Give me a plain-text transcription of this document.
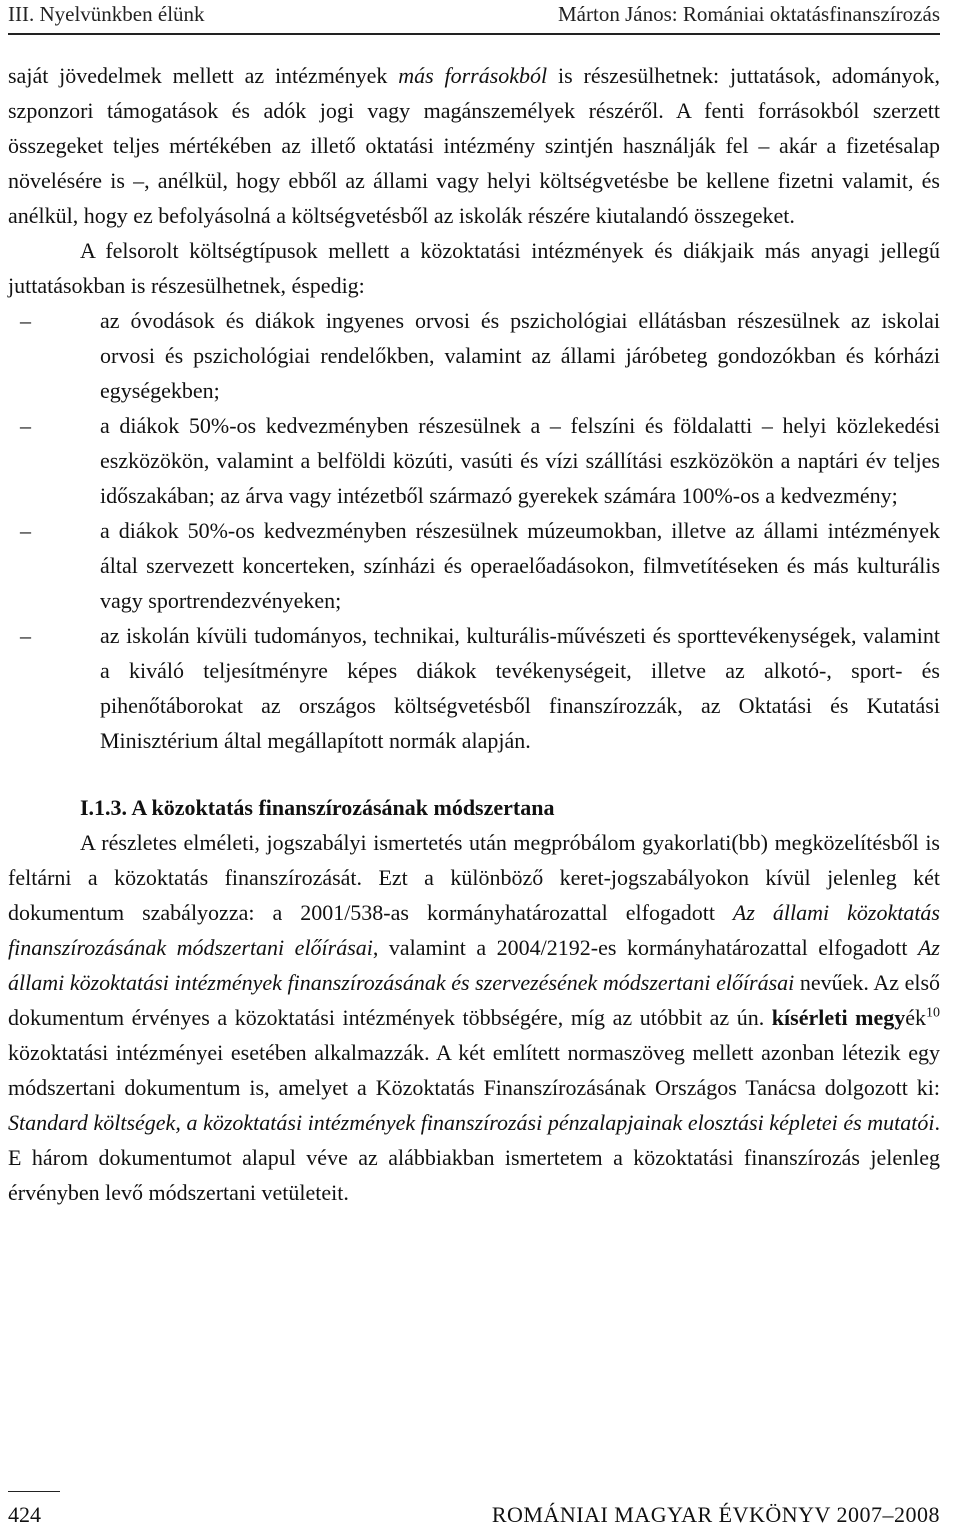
III. Nyelvünkben élünk	Márton János: Romániai oktatásfinanszírozás

saját jövedelmek mellett az intézmények más forrásokból is részesülhetnek: juttatások, adományok, szponzori támogatások és adók jogi vagy magánszemélyek részéről. A fenti forrásokból szerzett összegeket teljes mértékében az illető oktatási intézmény szintjén használják fel – akár a fizetésalap növelésére is –, anélkül, hogy ebből az állami vagy helyi költségvetésbe be kellene fizetni valamit, és anélkül, hogy ez befolyásolná a költségvetésből az iskolák részére kiutalandó összegeket.

A felsorolt költségtípusok mellett a közoktatási intézmények és diákjaik más anyagi jellegű juttatásokban is részesülhetnek, éspedig:

–	az óvodások és diákok ingyenes orvosi és pszichológiai ellátásban részesülnek az iskolai orvosi és pszichológiai rendelőkben, valamint az állami járóbeteg gondozókban és kórházi egységekben;
–	a diákok 50%-os kedvezményben részesülnek a – felszíni és földalatti – helyi közlekedési eszközökön, valamint a belföldi közúti, vasúti és vízi szállítási eszközökön a naptári év teljes időszakában; az árva vagy intézetből származó gyerekek számára 100%-os a kedvezmény;
–	a diákok 50%-os kedvezményben részesülnek múzeumokban, illetve az állami intézmények által szervezett koncerteken, színházi és operaelőadásokon, filmvetítéseken és más kulturális vagy sportrendezvényeken;
–	az iskolán kívüli tudományos, technikai, kulturális-művészeti és sporttevékenységek, valamint a kiváló teljesítményre képes diákok tevékenységeit, illetve az alkotó-, sport- és pihenőtáborokat az országos költségvetésből finanszírozzák, az Oktatási és Kutatási Minisztérium által megállapított normák alapján.
I.1.3. A közoktatás finanszírozásának módszertana

A részletes elméleti, jogszabályi ismertetés után megpróbálom gyakorlati(bb) megközelítésből is feltárni a közoktatás finanszírozását. Ezt a különböző keret-jogszabályokon kívül jelenleg két dokumentum szabályozza: a 2001/538-as kormányhatározattal elfogadott Az állami közoktatás finanszírozásának módszertani előírásai, valamint a 2004/2192-es kormányhatározattal elfogadott Az állami közoktatási intézmények finanszírozásának és szervezésének módszertani előírásai nevűek. Az első dokumentum érvényes a közoktatási intézmények többségére, míg az utóbbit az ún. kísérleti megyék$^{10}$ közoktatási intézményei esetében alkalmazzák. A két említett normaszöveg mellett azonban létezik egy módszertani dokumentum is, amelyet a Közoktatás Finanszírozásának Országos Tanácsa dolgozott ki: Standard költségek, a közoktatási intézmények finanszírozási pénzalapjainak elosztási képletei és mutatói. E három dokumentumot alapul véve az alábbiakban ismertetem a közoktatási finanszírozás jelenleg érvényben levő módszertani vetületeit.

424	ROMÁNIAI MAGYAR ÉVKÖNYV 2007–2008
